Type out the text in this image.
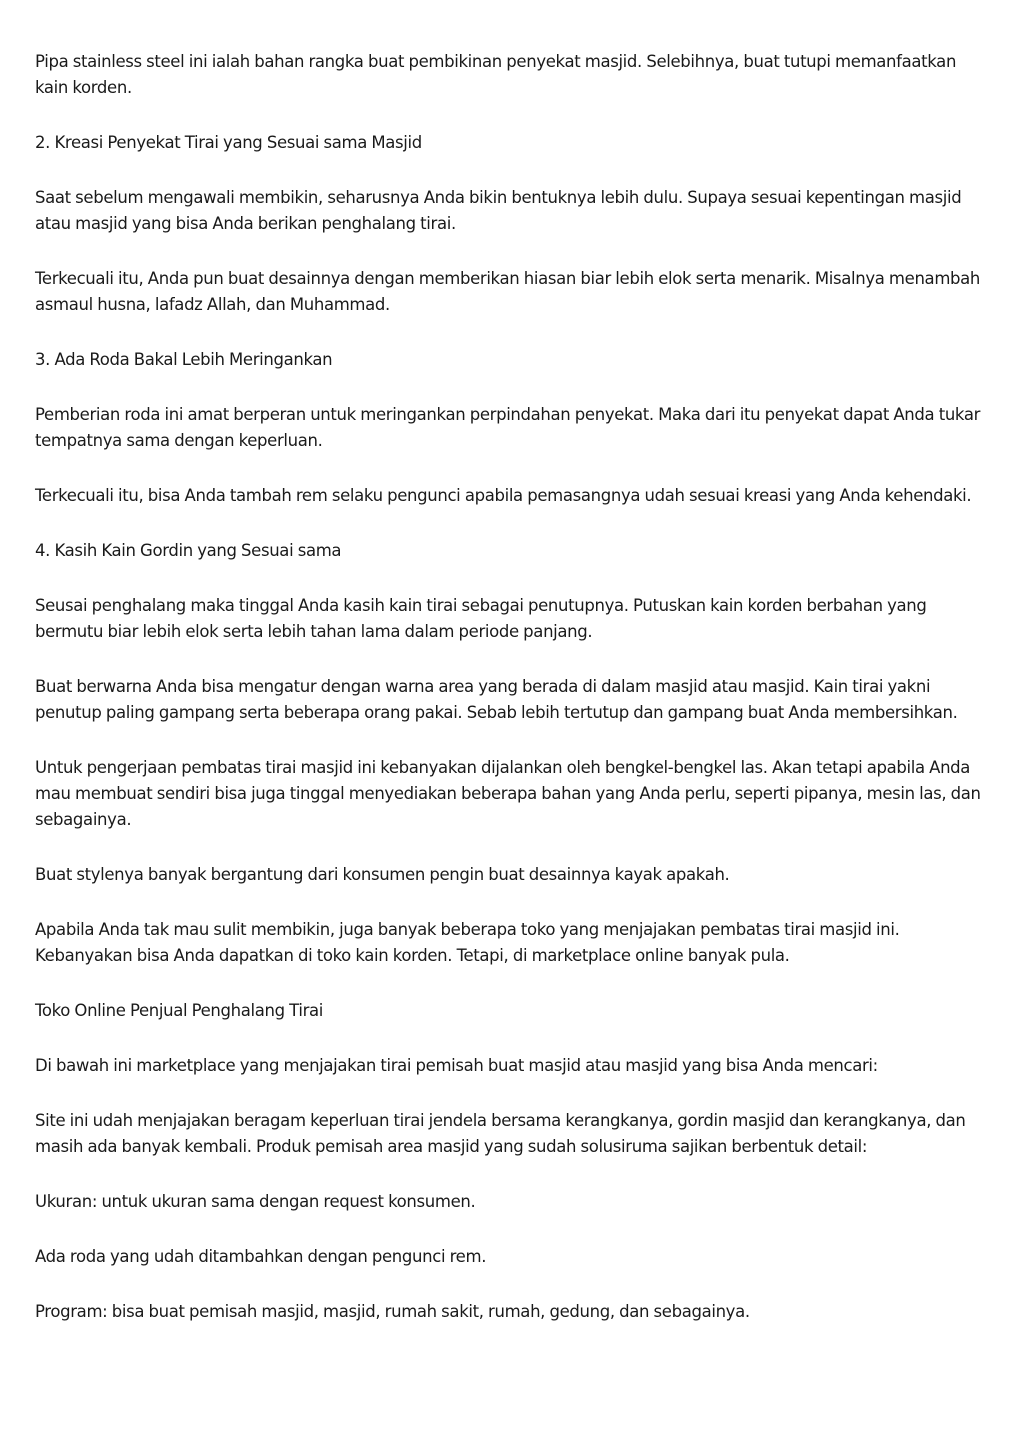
Pipa stainless steel ini ialah bahan rangka buat pembikinan penyekat masjid. Selebihnya, buat tutupi memanfaatkan kain korden.

2. Kreasi Penyekat Tirai yang Sesuai sama Masjid

Saat sebelum mengawali membikin, seharusnya Anda bikin bentuknya lebih dulu. Supaya sesuai kepentingan masjid atau masjid yang bisa Anda berikan penghalang tirai.

Terkecuali itu, Anda pun buat desainnya dengan memberikan hiasan biar lebih elok serta menarik. Misalnya menambah asmaul husna, lafadz Allah, dan Muhammad.

3. Ada Roda Bakal Lebih Meringankan

Pemberian roda ini amat berperan untuk meringankan perpindahan penyekat. Maka dari itu penyekat dapat Anda tukar tempatnya sama dengan keperluan.

Terkecuali itu, bisa Anda tambah rem selaku pengunci apabila pemasangnya udah sesuai kreasi yang Anda kehendaki.

4. Kasih Kain Gordin yang Sesuai sama

Seusai penghalang maka tinggal Anda kasih kain tirai sebagai penutupnya. Putuskan kain korden berbahan yang bermutu biar lebih elok serta lebih tahan lama dalam periode panjang.

Buat berwarna Anda bisa mengatur dengan warna area yang berada di dalam masjid atau masjid. Kain tirai yakni penutup paling gampang serta beberapa orang pakai. Sebab lebih tertutup dan gampang buat Anda membersihkan.

Untuk pengerjaan pembatas tirai masjid ini kebanyakan dijalankan oleh bengkel-bengkel las. Akan tetapi apabila Anda mau membuat sendiri bisa juga tinggal menyediakan beberapa bahan yang Anda perlu, seperti pipanya, mesin las, dan sebagainya.

Buat stylenya banyak bergantung dari konsumen pengin buat desainnya kayak apakah.

Apabila Anda tak mau sulit membikin, juga banyak beberapa toko yang menjajakan pembatas tirai masjid ini. Kebanyakan bisa Anda dapatkan di toko kain korden. Tetapi, di marketplace online banyak pula.

Toko Online Penjual Penghalang Tirai

Di bawah ini marketplace yang menjajakan tirai pemisah buat masjid atau masjid yang bisa Anda mencari:

Site ini udah menjajakan beragam keperluan tirai jendela bersama kerangkanya, gordin masjid dan kerangkanya, dan masih ada banyak kembali. Produk pemisah area masjid yang sudah solusiruma sajikan berbentuk detail:

Ukuran: untuk ukuran sama dengan request konsumen.

Ada roda yang udah ditambahkan dengan pengunci rem.

Program: bisa buat pemisah masjid, masjid, rumah sakit, rumah, gedung, dan sebagainya.
